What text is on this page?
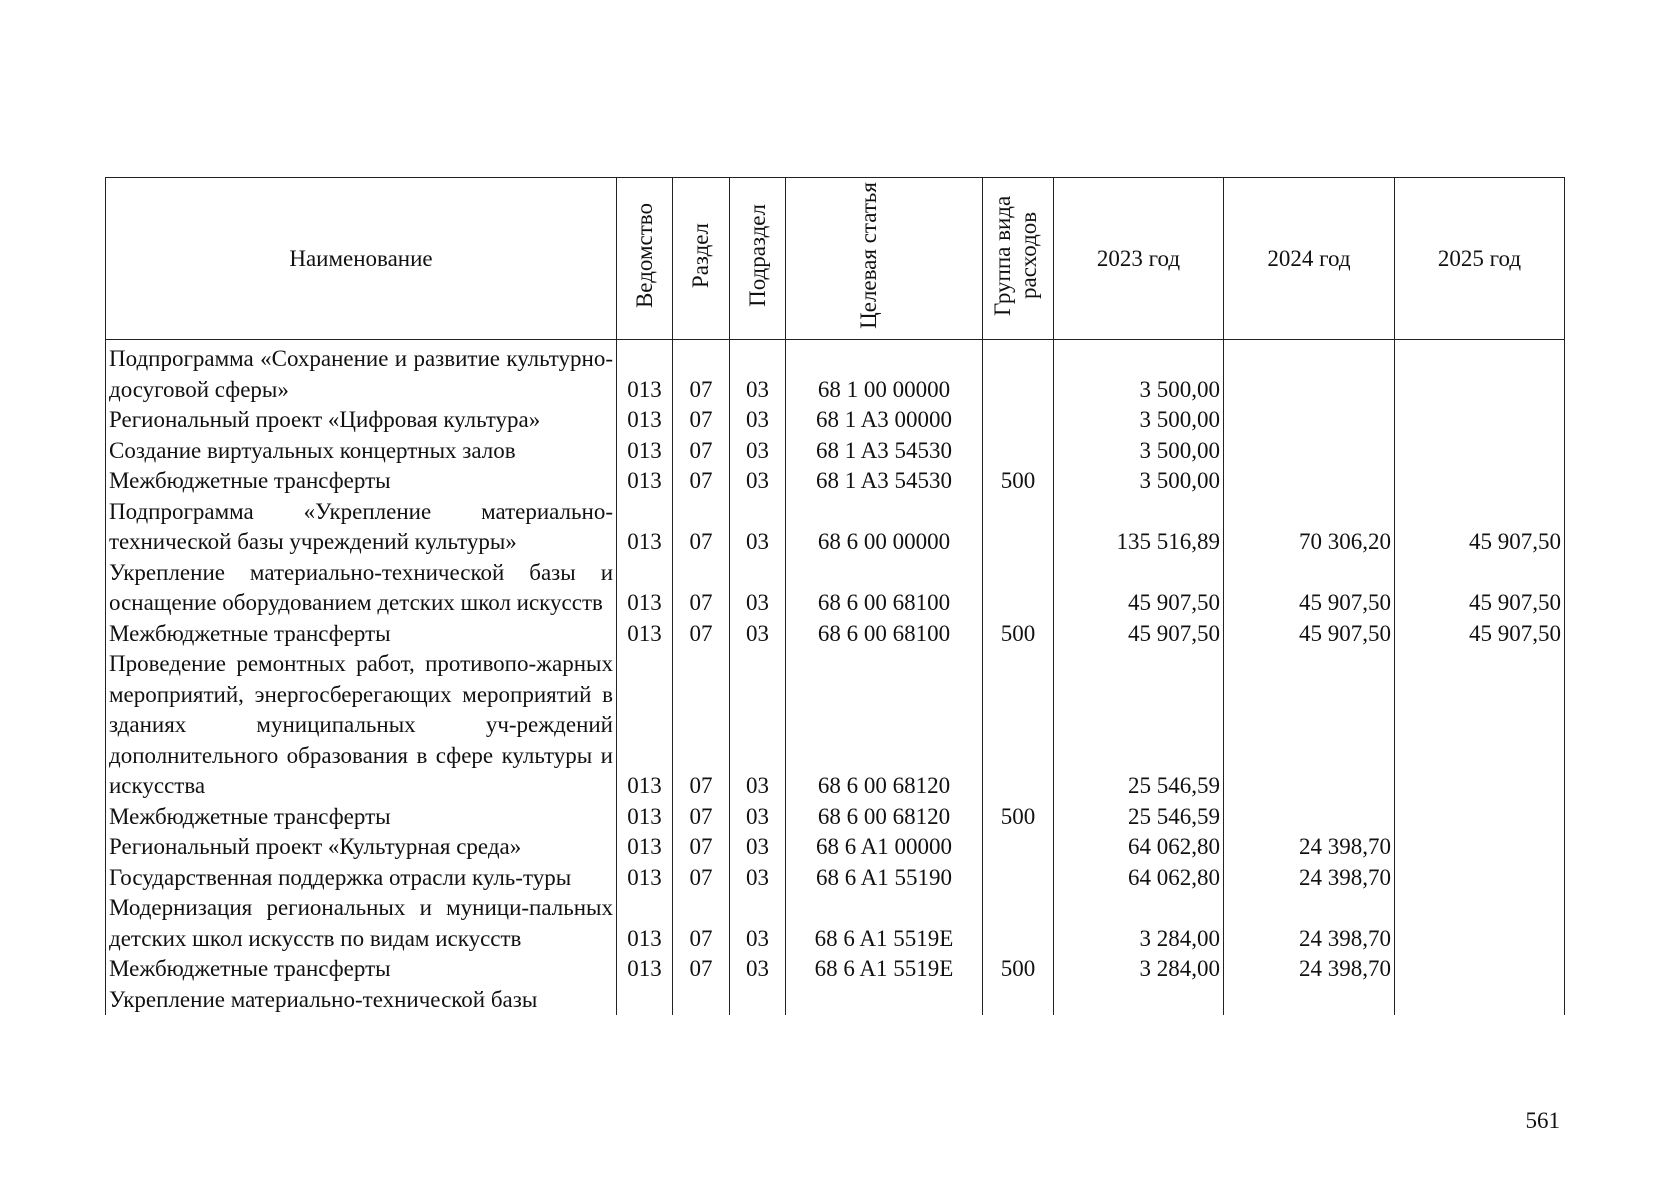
Наименование	Ведомство	Раздел	Подраздел	Целевая статья	Группа вида расходов	2023 год	2024 год	2025 год
Подпрограмма «Сохранение и развитие культурно-досуговой сферы»	013	07	03	68 1 00 00000		3 500,00		
Региональный проект «Цифровая культура»	013	07	03	68 1 A3 00000		3 500,00		
Создание виртуальных концертных залов	013	07	03	68 1 A3 54530		3 500,00		
Межбюджетные трансферты	013	07	03	68 1 A3 54530	500	3 500,00		
Подпрограмма «Укрепление материально-технической базы учреждений культуры»	013	07	03	68 6 00 00000		135 516,89	70 306,20	45 907,50
Укрепление материально-технической базы и оснащение оборудованием детских школ искусств	013	07	03	68 6 00 68100		45 907,50	45 907,50	45 907,50
Межбюджетные трансферты	013	07	03	68 6 00 68100	500	45 907,50	45 907,50	45 907,50
Проведение ремонтных работ, противопо-жарных мероприятий, энергосберегающих мероприятий в зданиях муниципальных уч-реждений дополнительного образования в сфере культуры и искусства	013	07	03	68 6 00 68120		25 546,59		
Межбюджетные трансферты	013	07	03	68 6 00 68120	500	25 546,59		
Региональный проект «Культурная среда»	013	07	03	68 6 A1 00000		64 062,80	24 398,70	
Государственная поддержка отрасли куль-туры	013	07	03	68 6 A1 55190		64 062,80	24 398,70	
Модернизация региональных и муници-пальных детских школ искусств по видам искусств	013	07	03	68 6 A1 5519E		3 284,00	24 398,70	
Межбюджетные трансферты	013	07	03	68 6 A1 5519E	500	3 284,00	24 398,70	
Укрепление материально-технической базы								
561
